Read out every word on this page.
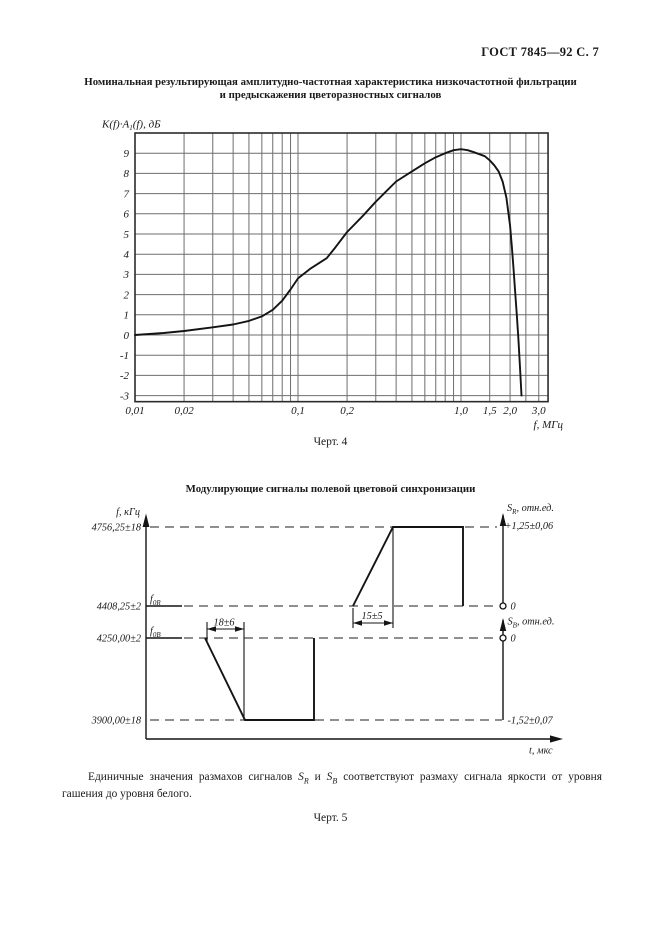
ГОСТ 7845—92 С. 7
Номинальная результирующая амплитудно-частотная характеристика низкочастотной фильтрации
и предыскажения цветоразностных сигналов
9
8
7
6
5
4
3
2
1
0
-1
-2
-3
0,01	0,02	0,1	0,2	1,0 1,5 2,0 3,0
$K(f)\cdot A_1(f)$, дБ
f, МГц
Черт. 4
Модулирующие сигналы полевой цветовой синхронизации
18±6
15±5
f, кГц
4756,25±18
4408,25±2
4250,00±2
3900,00±18
$f_{0R}$
$f_{0B}$
$S_R$, отн.ед.
+1,25±0,06
0
$S_B$, отн.ед.
0
-1,52±0,07
t, мкс
Единичные значения размахов сигналов $S_R$ и $S_B$ соответствуют размаху сигнала яркости от уровня гашения до уровня белого.
Черт. 5
